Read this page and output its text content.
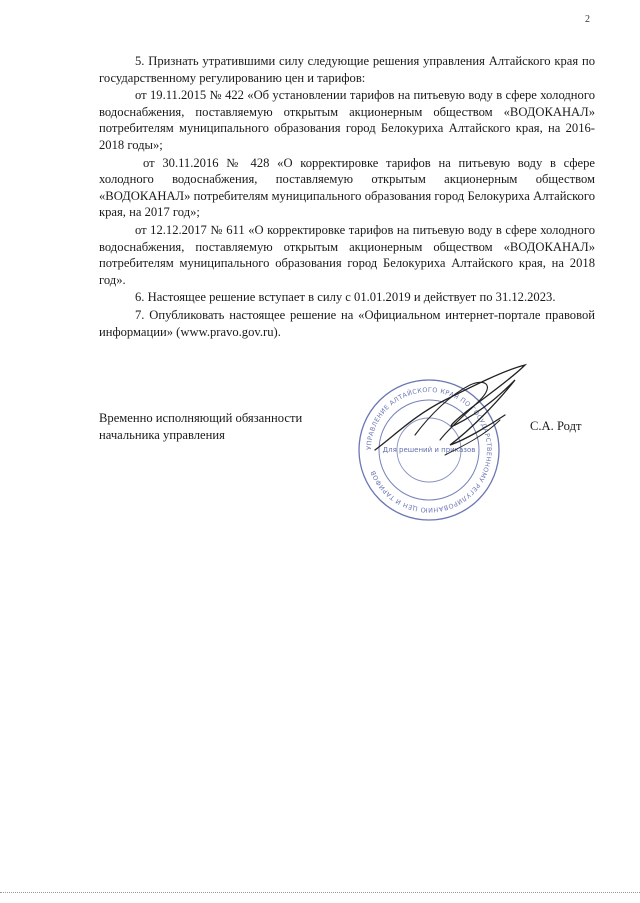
2

5. Признать утратившими силу следующие решения управления Алтайского края по государственному регулированию цен и тарифов:

от 19.11.2015 № 422 «Об установлении тарифов на питьевую воду в сфере холодного водоснабжения, поставляемую открытым акционерным обществом «ВОДОКАНАЛ» потребителям муниципального образования город Белокуриха Алтайского края, на 2016-2018 годы»;

от 30.11.2016 № 428 «О корректировке тарифов на питьевую воду в сфере холодного водоснабжения, поставляемую открытым акционерным обществом «ВОДОКАНАЛ» потребителям муниципального образования город Белокуриха Алтайского края, на 2017 год»;

от 12.12.2017 № 611 «О корректировке тарифов на питьевую воду в сфере холодного водоснабжения, поставляемую открытым акционерным обществом «ВОДОКАНАЛ» потребителям муниципального образования город Белокуриха Алтайского края, на 2018 год».

6. Настоящее решение вступает в силу с 01.01.2019 и действует по 31.12.2023.

7. Опубликовать настоящее решение на «Официальном интернет-портале правовой информации» (www.pravo.gov.ru).

Временно исполняющий обязанности
начальника управления
УПРАВЛЕНИЕ АЛТАЙСКОГО КРАЯ ПО ГОСУДАРСТВЕННОМУ РЕГУЛИРОВАНИЮ ЦЕН И ТАРИФОВ
Для решений и приказов
С.А. Родт
